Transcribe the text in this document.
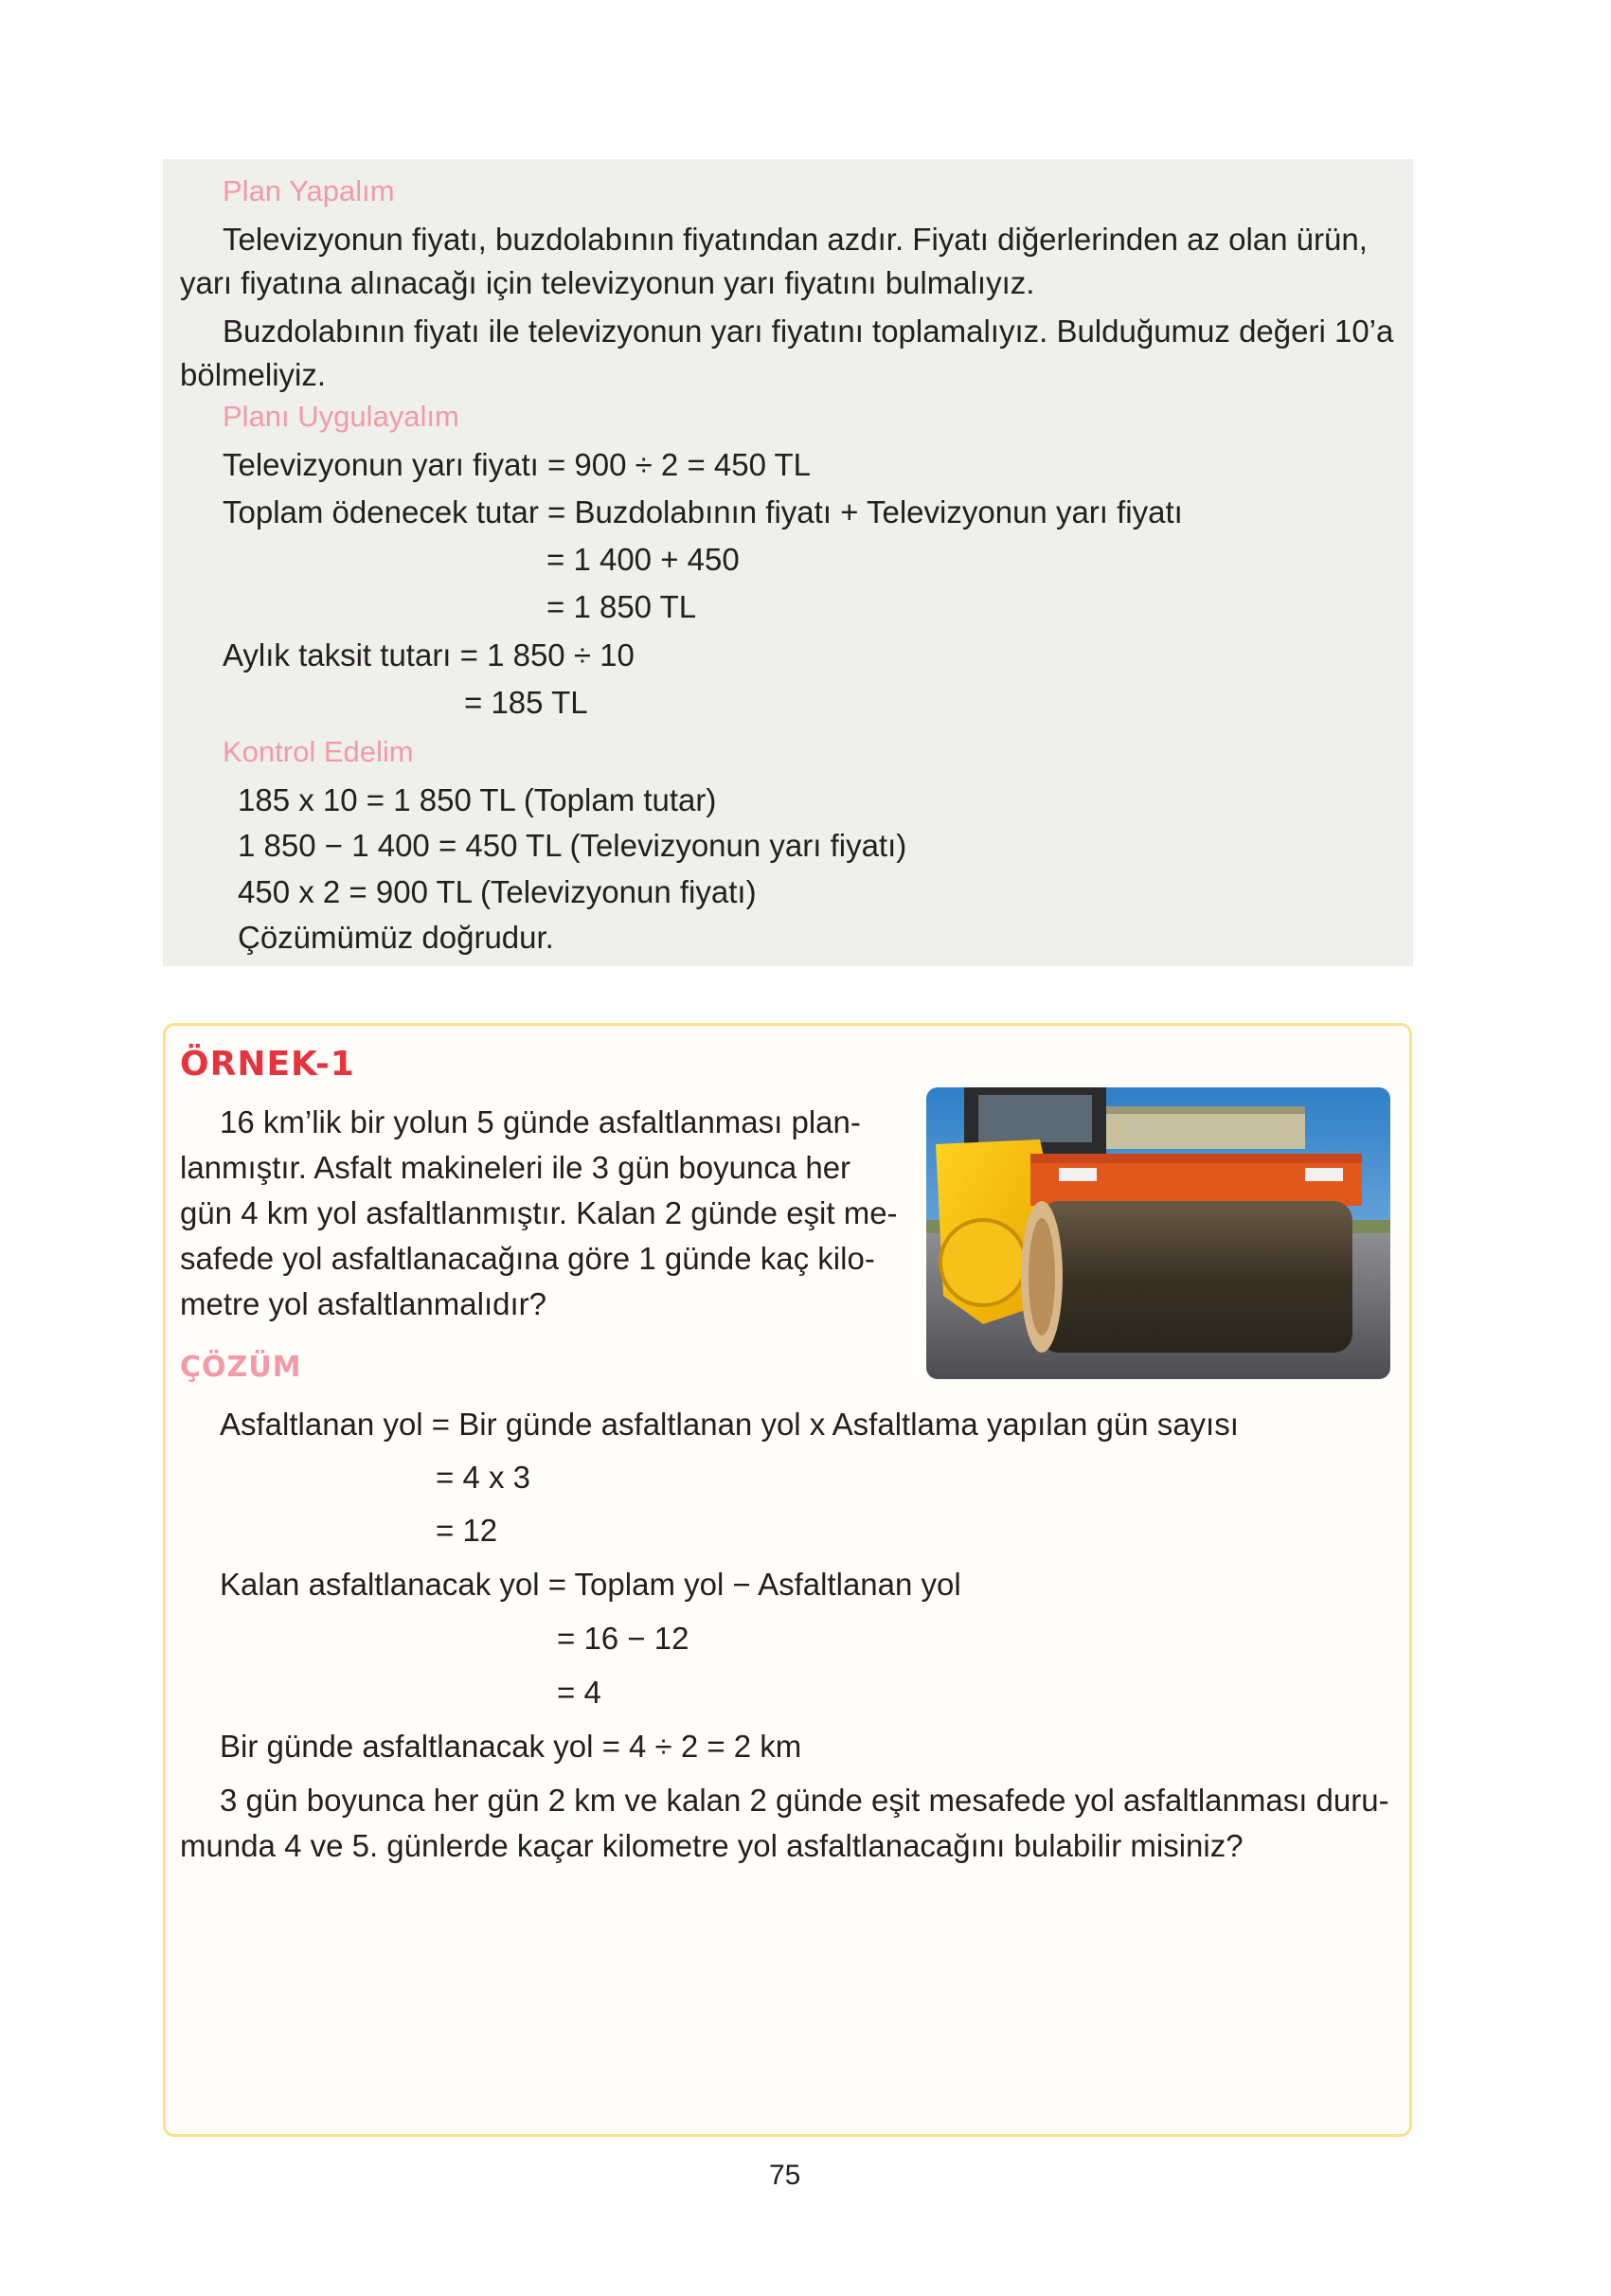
Plan Yapalım
Televizyonun fiyatı, buzdolabının fiyatından azdır. Fiyatı diğerlerinden az olan ürün,
yarı fiyatına alınacağı için televizyonun yarı fiyatını bulmalıyız.
Buzdolabının fiyatı ile televizyonun yarı fiyatını toplamalıyız. Bulduğumuz değeri 10’a
bölmeliyiz.
Planı Uygulayalım
Televizyonun yarı fiyatı = 900 ÷ 2 = 450 TL
Toplam ödenecek tutar = Buzdolabının fiyatı + Televizyonun yarı fiyatı
= 1 400 + 450
= 1 850 TL
Aylık taksit tutarı = 1 850 ÷ 10
= 185 TL
Kontrol Edelim
185 x 10 = 1 850 TL (Toplam tutar)
1 850 − 1 400 = 450 TL (Televizyonun yarı fiyatı)
450 x 2 = 900 TL (Televizyonun fiyatı)
Çözümümüz doğrudur.
ÖRNEK-1
16 km’lik bir yolun 5 günde asfaltlanması plan-
lanmıştır. Asfalt makineleri ile 3 gün boyunca her
gün 4 km yol asfaltlanmıştır. Kalan 2 günde eşit me-
safede yol asfaltlanacağına göre 1 günde kaç kilo-
metre yol asfaltlanmalıdır?
ÇÖZÜM
Asfaltlanan yol = Bir günde asfaltlanan yol x Asfaltlama yapılan gün sayısı
= 4 x 3
= 12
Kalan asfaltlanacak yol = Toplam yol − Asfaltlanan yol
= 16 − 12
= 4
Bir günde asfaltlanacak yol = 4 ÷ 2 = 2 km
3 gün boyunca her gün 2 km ve kalan 2 günde eşit mesafede yol asfaltlanması duru-
munda 4 ve 5. günlerde kaçar kilometre yol asfaltlanacağını bulabilir misiniz?
75
